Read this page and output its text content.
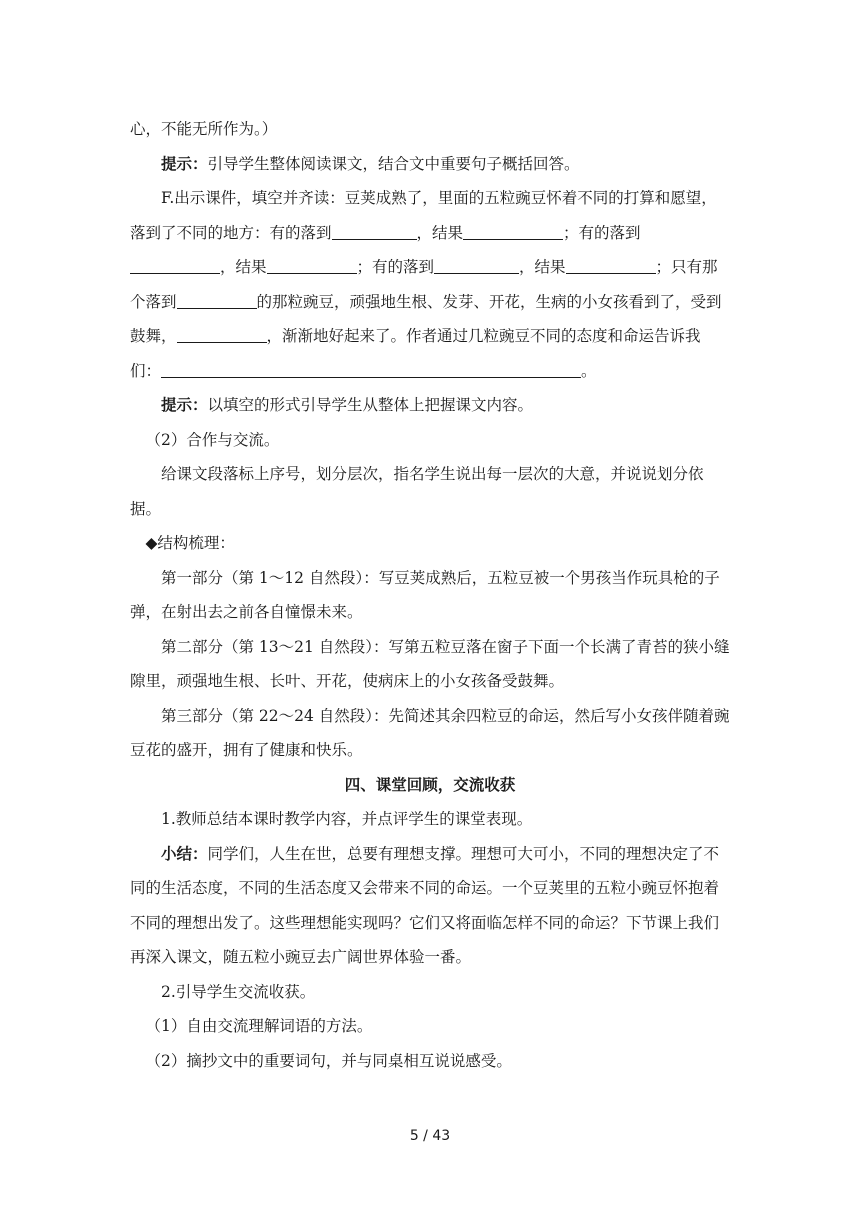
心，不能无所作为。）

提示：引导学生整体阅读课文，结合文中重要句子概括回答。

F.出示课件，填空并齐读：豆荚成熟了，里面的五粒豌豆怀着不同的打算和愿望，落到了不同的地方：有的落到	，结果	；有的落到，结果	；有的落到	，结果	；只有那个落到	的那粒豌豆，顽强地生根、发芽、开花，生病的小女孩看到了，受到鼓舞，	，渐渐地好起来了。作者通过几粒豌豆不同的态度和命运告诉我们：	。

提示：以填空的形式引导学生从整体上把握课文内容。

（2）合作与交流。

给课文段落标上序号，划分层次，指名学生说出每一层次的大意，并说说划分依据。

◆结构梳理：

第一部分（第 1～12 自然段）：写豆荚成熟后，五粒豆被一个男孩当作玩具枪的子弹，在射出去之前各自憧憬未来。

第二部分（第 13～21 自然段）：写第五粒豆落在窗子下面一个长满了青苔的狭小缝隙里，顽强地生根、长叶、开花，使病床上的小女孩备受鼓舞。

第三部分（第 22～24 自然段）：先简述其余四粒豆的命运，然后写小女孩伴随着豌豆花的盛开，拥有了健康和快乐。

四、课堂回顾，交流收获

1.教师总结本课时教学内容，并点评学生的课堂表现。

小结：同学们，人生在世，总要有理想支撑。理想可大可小，不同的理想决定了不同的生活态度，不同的生活态度又会带来不同的命运。一个豆荚里的五粒小豌豆怀抱着不同的理想出发了。这些理想能实现吗？它们又将面临怎样不同的命运？下节课上我们再深入课文，随五粒小豌豆去广阔世界体验一番。

2.引导学生交流收获。

（1）自由交流理解词语的方法。

（2）摘抄文中的重要词句，并与同桌相互说说感受。

5 / 43
